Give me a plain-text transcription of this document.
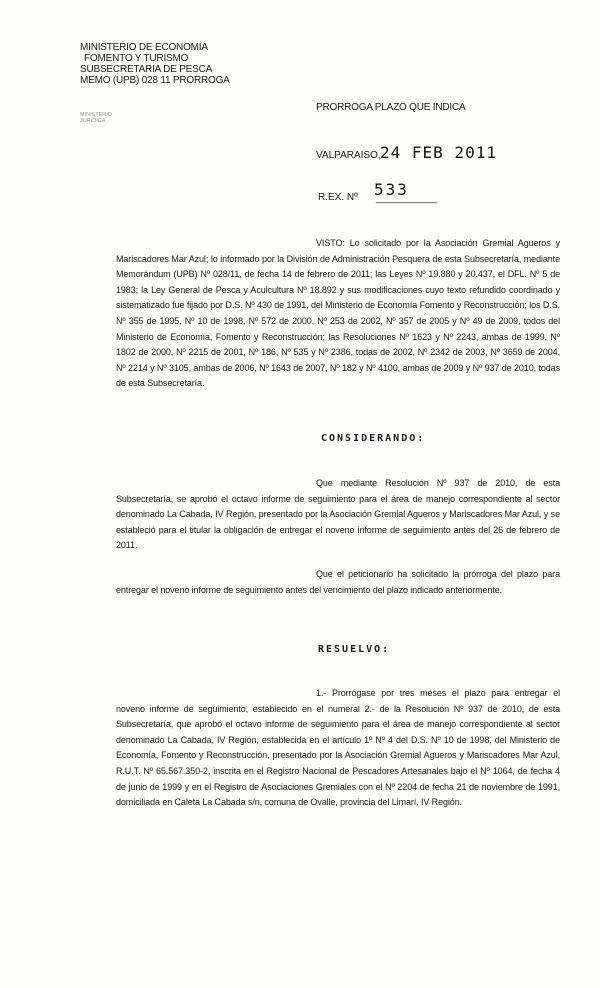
MINISTERIO DE ECONOMIA
FOMENTO Y TURISMO
SUBSECRETARIA DE PESCA
MEMO (UPB) 028 11 PRORROGA
MINISTERIO
JURÍDICA
PRORROGA PLAZO QUE INDICA
VALPARAISO, 24 FEB 2011
R.EX. Nº 533
___________
VISTO: Lo solicitado por la Asociación Gremial Agueros y Mariscadores Mar Azul; lo informado por la División de Administración Pesquera de esta Subsecretaría, mediante Memorándum (UPB) Nº 028/11, de fecha 14 de febrero de 2011; las Leyes Nº 19.880 y 20.437, el DFL. Nº 5 de 1983; la Ley General de Pesca y Acuicultura Nº 18.892 y sus modificaciones cuyo texto refundido coordinado y sistematizado fue fijado por D.S. Nº 430 de 1991, del Ministerio de Economía Fomento y Reconstrucción; los D.S. Nº 355 de 1995, Nº 10 de 1998, Nº 572 de 2000, Nº 253 de 2002, Nº 357 de 2005 y Nº 49 de 2009, todos del Ministerio de Economía, Fomento y Reconstrucción; las Resoluciones Nº 1623 y Nº 2243, ambas de 1999, Nº 1802 de 2000, Nº 2215 de 2001, Nº 186, Nº 535 y Nº 2386, todas de 2002, Nº 2342 de 2003, Nº 3659 de 2004, Nº 2214 y Nº 3105, ambas de 2006, Nº 1643 de 2007, Nº 182 y Nº 4100, ambas de 2009 y Nº 937 de 2010, todas de esta Subsecretaría.
CONSIDERANDO:
Que mediante Resolución Nº 937 de 2010, de esta Subsecretaría, se aprobó el octavo informe de seguimiento para el área de manejo correspondiente al sector denominado La Cabada, IV Región, presentado por la Asociación Gremial Agueros y Mariscadores Mar Azul, y se estableció para el titular la obligación de entregar el noveno informe de seguimiento antes del 26 de febrero de 2011.
Que el peticionario ha solicitado la prórroga del plazo para entregar el noveno informe de seguimiento antes del vencimiento del plazo indicado anteriormente.
RESUELVO:
1.- Prorrógase por tres meses el plazo para entregar el noveno informe de seguimiento, establecido en el numeral 2.- de la Resolución Nº 937 de 2010, de esta Subsecretaría, que aprobó el octavo informe de seguimiento para el área de manejo correspondiente al sector denominado La Cabada, IV Región, establecida en el artículo 1º Nº 4 del D.S. Nº 10 de 1998, del Ministerio de Economía, Fomento y Reconstrucción, presentado por la Asociación Gremial Agueros y Mariscadores Mar Azul, R.U.T. Nº 65.567.350-2, inscrita en el Registro Nacional de Pescadores Artesanales bajo el Nº 1064, de fecha 4 de junio de 1999 y en el Registro de Asociaciones Gremiales con el Nº 2204 de fecha 21 de noviembre de 1991, domiciliada en Caleta La Cabada s/n, comuna de Ovalle, provincia del Limarí, IV Región.
